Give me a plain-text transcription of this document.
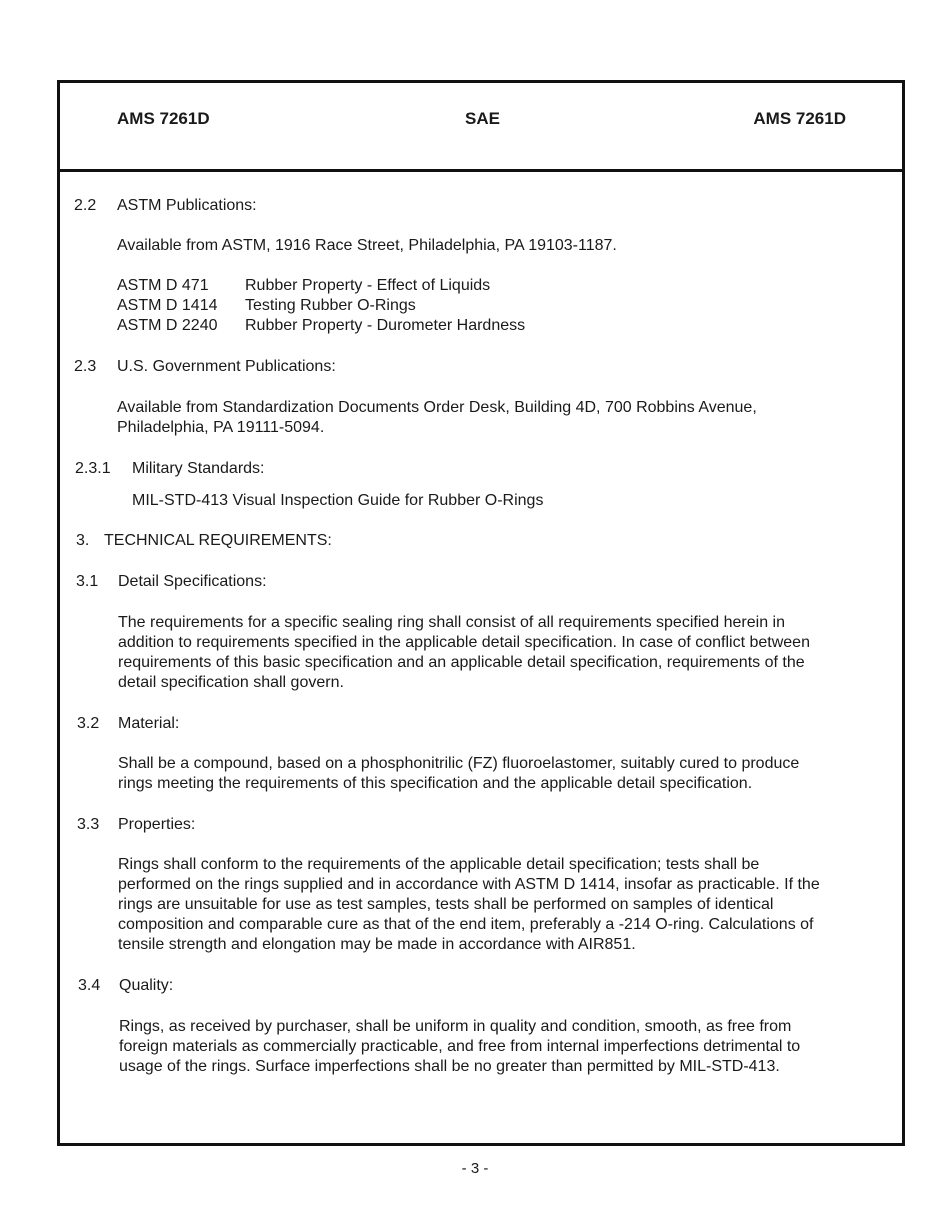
AMS 7261D	SAE	AMS 7261D
2.2 ASTM Publications:
Available from ASTM, 1916 Race Street, Philadelphia, PA 19103-1187.
ASTM D 471 Rubber Property - Effect of Liquids
ASTM D 1414 Testing Rubber O-Rings
ASTM D 2240 Rubber Property - Durometer Hardness
2.3 U.S. Government Publications:
Available from Standardization Documents Order Desk, Building 4D, 700 Robbins Avenue,
Philadelphia, PA 19111-5094.
2.3.1 Military Standards:
MIL-STD-413 Visual Inspection Guide for Rubber O-Rings
3. TECHNICAL REQUIREMENTS:
3.1 Detail Specifications:
The requirements for a specific sealing ring shall consist of all requirements specified herein in
addition to requirements specified in the applicable detail specification. In case of conflict between
requirements of this basic specification and an applicable detail specification, requirements of the
detail specification shall govern.
3.2 Material:
Shall be a compound, based on a phosphonitrilic (FZ) fluoroelastomer, suitably cured to produce
rings meeting the requirements of this specification and the applicable detail specification.
3.3 Properties:
Rings shall conform to the requirements of the applicable detail specification; tests shall be
performed on the rings supplied and in accordance with ASTM D 1414, insofar as practicable. If the
rings are unsuitable for use as test samples, tests shall be performed on samples of identical
composition and comparable cure as that of the end item, preferably a -214 O-ring. Calculations of
tensile strength and elongation may be made in accordance with AIR851.
3.4 Quality:
Rings, as received by purchaser, shall be uniform in quality and condition, smooth, as free from
foreign materials as commercially practicable, and free from internal imperfections detrimental to
usage of the rings. Surface imperfections shall be no greater than permitted by MIL-STD-413.
- 3 -
